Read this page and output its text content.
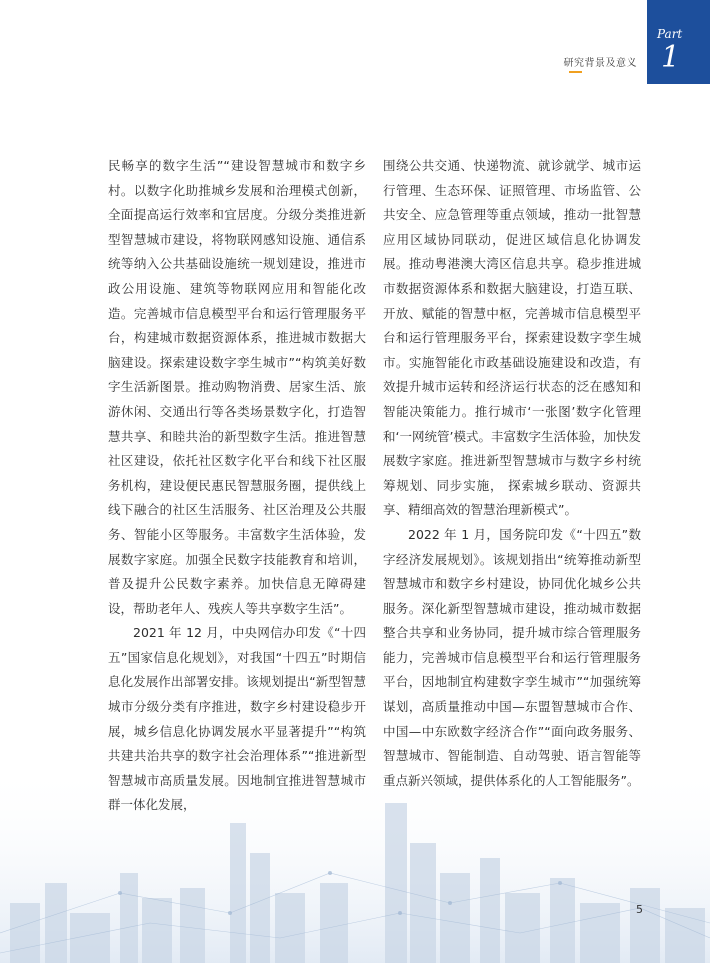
研究背景及意义
Part
1

民畅享的数字生活”“建设智慧城市和数字乡村。以数字化助推城乡发展和治理模式创新，全面提高运行效率和宜居度。分级分类推进新型智慧城市建设，将物联网感知设施、通信系统等纳入公共基础设施统一规划建设，推进市政公用设施、建筑等物联网应用和智能化改造。完善城市信息模型平台和运行管理服务平台，构建城市数据资源体系，推进城市数据大脑建设。探索建设数字孪生城市”“构筑美好数字生活新图景。推动购物消费、居家生活、旅游休闲、交通出行等各类场景数字化，打造智慧共享、和睦共治的新型数字生活。推进智慧社区建设，依托社区数字化平台和线下社区服务机构，建设便民惠民智慧服务圈，提供线上线下融合的社区生活服务、社区治理及公共服务、智能小区等服务。丰富数字生活体验，发展数字家庭。加强全民数字技能教育和培训，普及提升公民数字素养。加快信息无障碍建设，帮助老年人、残疾人等共享数字生活”。

2021 年 12 月，中央网信办印发《“十四五”国家信息化规划》，对我国“十四五”时期信息化发展作出部署安排。该规划提出“新型智慧城市分级分类有序推进，数字乡村建设稳步开展，城乡信息化协调发展水平显著提升”“构筑共建共治共享的数字社会治理体系”“推进新型智慧城市高质量发展。因地制宜推进智慧城市群一体化发展，

围绕公共交通、快递物流、就诊就学、城市运行管理、生态环保、证照管理、市场监管、公共安全、应急管理等重点领域，推动一批智慧应用区域协同联动，促进区域信息化协调发展。推动粤港澳大湾区信息共享。稳步推进城市数据资源体系和数据大脑建设，打造互联、开放、赋能的智慧中枢，完善城市信息模型平台和运行管理服务平台，探索建设数字孪生城市。实施智能化市政基础设施建设和改造，有效提升城市运转和经济运行状态的泛在感知和智能决策能力。推行城市‘一张图’数字化管理和‘一网统管’模式。丰富数字生活体验，加快发展数字家庭。推进新型智慧城市与数字乡村统筹规划、同步实施， 探索城乡联动、资源共享、精细高效的智慧治理新模式”。

2022 年 1 月，国务院印发《“十四五”数字经济发展规划》。该规划指出“统筹推动新型智慧城市和数字乡村建设，协同优化城乡公共服务。深化新型智慧城市建设，推动城市数据整合共享和业务协同，提升城市综合管理服务能力，完善城市信息模型平台和运行管理服务平台，因地制宜构建数字孪生城市”“加强统筹谋划，高质量推动中国—东盟智慧城市合作、中国—中东欧数字经济合作”“面向政务服务、智慧城市、智能制造、自动驾驶、语言智能等重点新兴领域，提供体系化的人工智能服务”。

5
